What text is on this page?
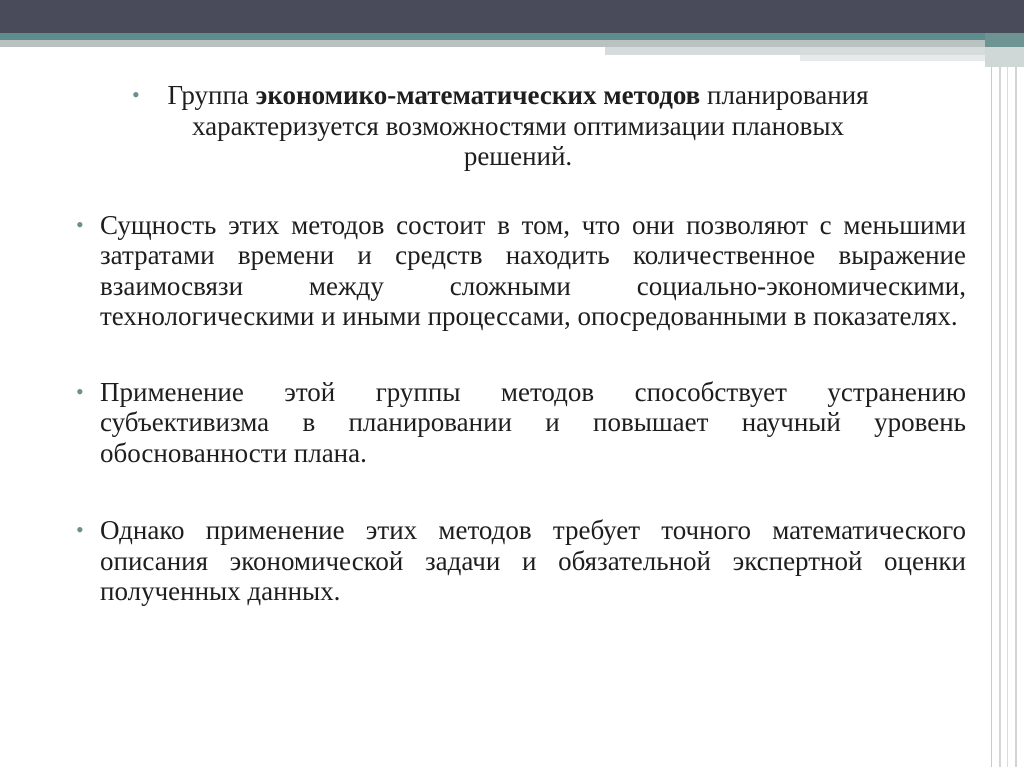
• Группа экономико-математических методов планирования характеризуется возможностями оптимизации плановых решений.
• Сущность этих методов состоит в том, что они позволяют с меньшими затратами времени и средств находить количественное выражение взаимосвязи между сложными социально-экономическими, технологическими и иными процессами, опосредованными в показателях.
• Применение этой группы методов способствует устранению субъективизма в планировании и повышает научный уровень обоснованности плана.
• Однако применение этих методов требует точного математического описания экономической задачи и обязательной экспертной оценки полученных данных.
